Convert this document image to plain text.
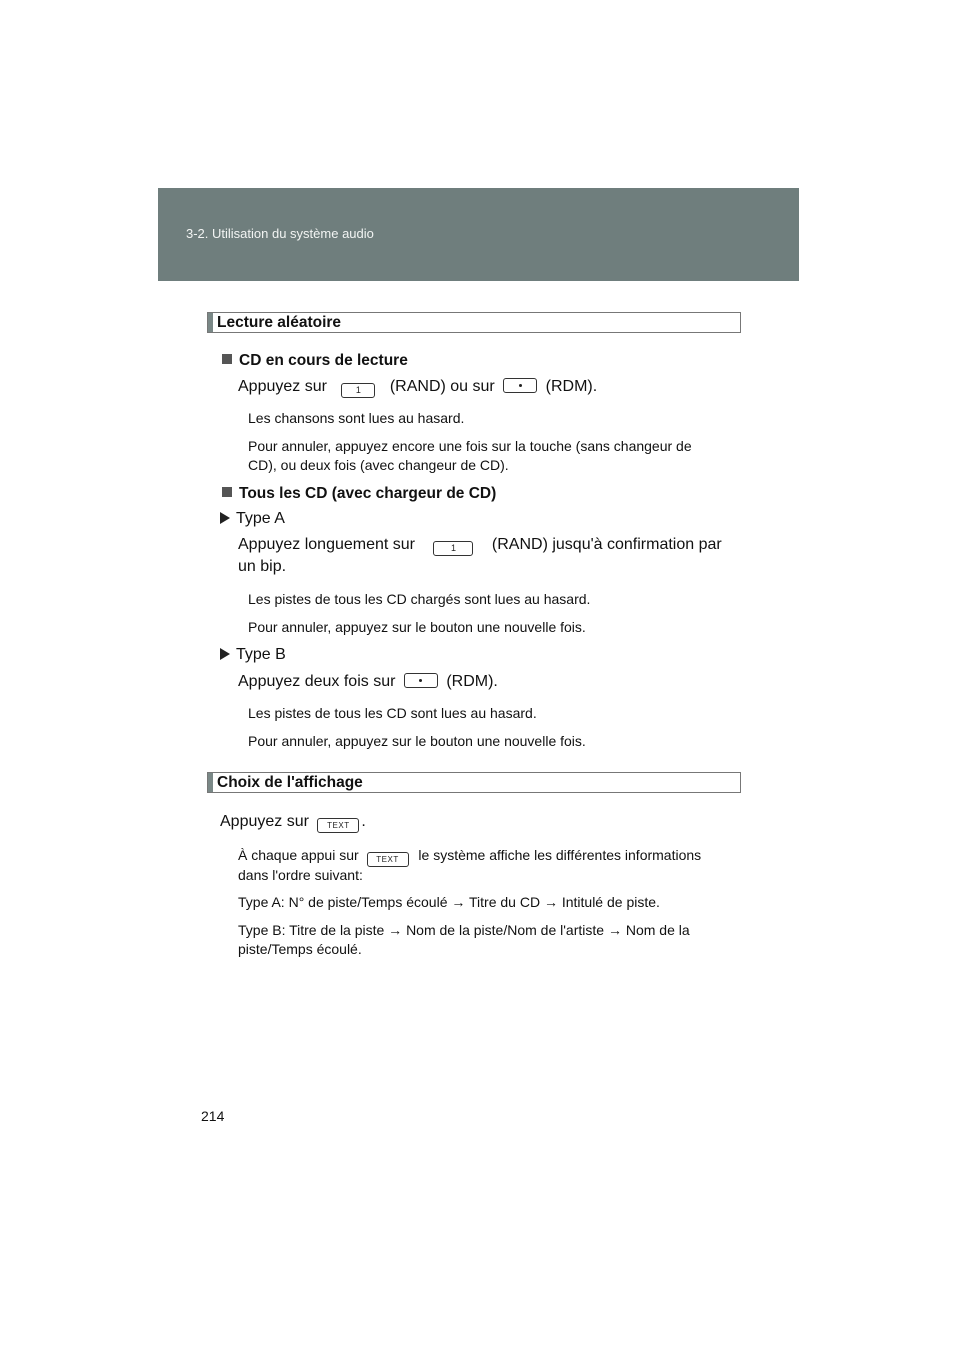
3-2. Utilisation du système audio
Lecture aléatoire
CD en cours de lecture
Appuyez sur	1 (RAND) ou sur	(RDM).
Les chansons sont lues au hasard.
Pour annuler, appuyez encore une fois sur la touche (sans changeur de
CD), ou deux fois (avec changeur de CD).
Tous les CD (avec chargeur de CD)
Type A
Appuyez longuement sur	1 (RAND) jusqu'à confirmation par
un bip.
Les pistes de tous les CD chargés sont lues au hasard.
Pour annuler, appuyez sur le bouton une nouvelle fois.
Type B
Appuyez deux fois sur	(RDM).
Les pistes de tous les CD sont lues au hasard.
Pour annuler, appuyez sur le bouton une nouvelle fois.
Choix de l'affichage
Appuyez sur TEXT .
À chaque appui sur TEXT le système affiche les différentes informations
dans l'ordre suivant:
Type A: N° de piste/Temps écoulé → Titre du CD → Intitulé de piste.
Type B: Titre de la piste → Nom de la piste/Nom de l'artiste → Nom de la
piste/Temps écoulé.
214
